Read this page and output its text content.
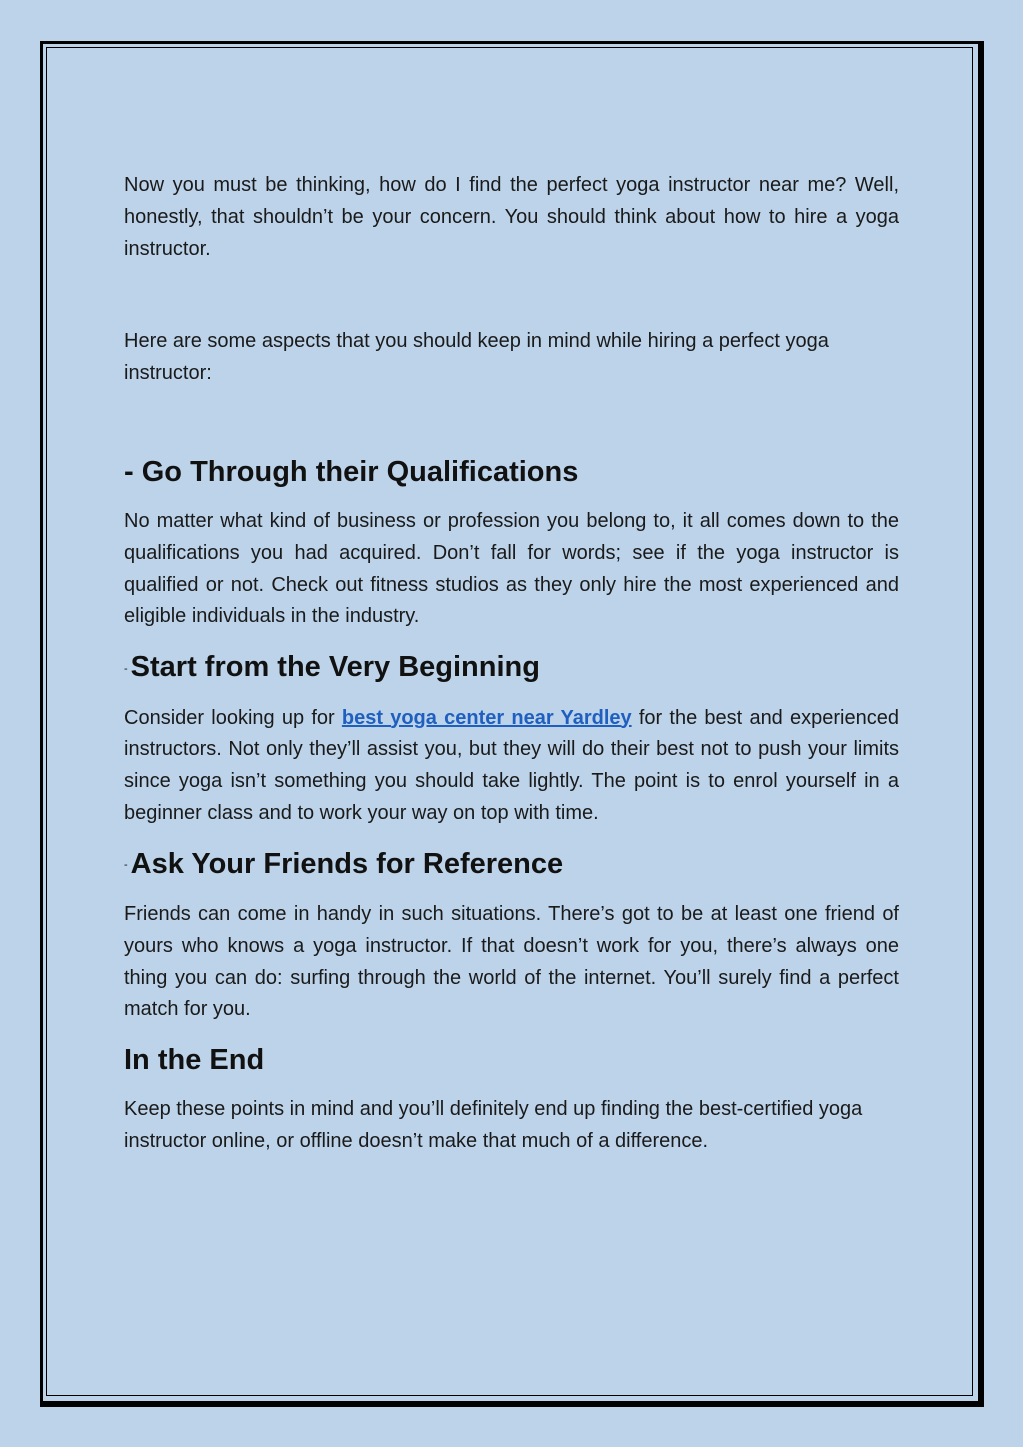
Now you must be thinking, how do I find the perfect yoga instructor near me? Well, honestly, that shouldn’t be your concern. You should think about how to hire a yoga instructor.

Here are some aspects that you should keep in mind while hiring a perfect yoga instructor:

- Go Through their Qualifications

No matter what kind of business or profession you belong to, it all comes down to the qualifications you had acquired. Don’t fall for words; see if the yoga instructor is qualified or not. Check out fitness studios as they only hire the most experienced and eligible individuals in the industry.

- Start from the Very Beginning

Consider looking up for best yoga center near Yardley for the best and experienced instructors. Not only they’ll assist you, but they will do their best not to push your limits since yoga isn’t something you should take lightly. The point is to enrol yourself in a beginner class and to work your way on top with time.

- Ask Your Friends for Reference

Friends can come in handy in such situations. There’s got to be at least one friend of yours who knows a yoga instructor. If that doesn’t work for you, there’s always one thing you can do: surfing through the world of the internet. You’ll surely find a perfect match for you.

In the End

Keep these points in mind and you’ll definitely end up finding the best-certified yoga instructor online, or offline doesn’t make that much of a difference.
